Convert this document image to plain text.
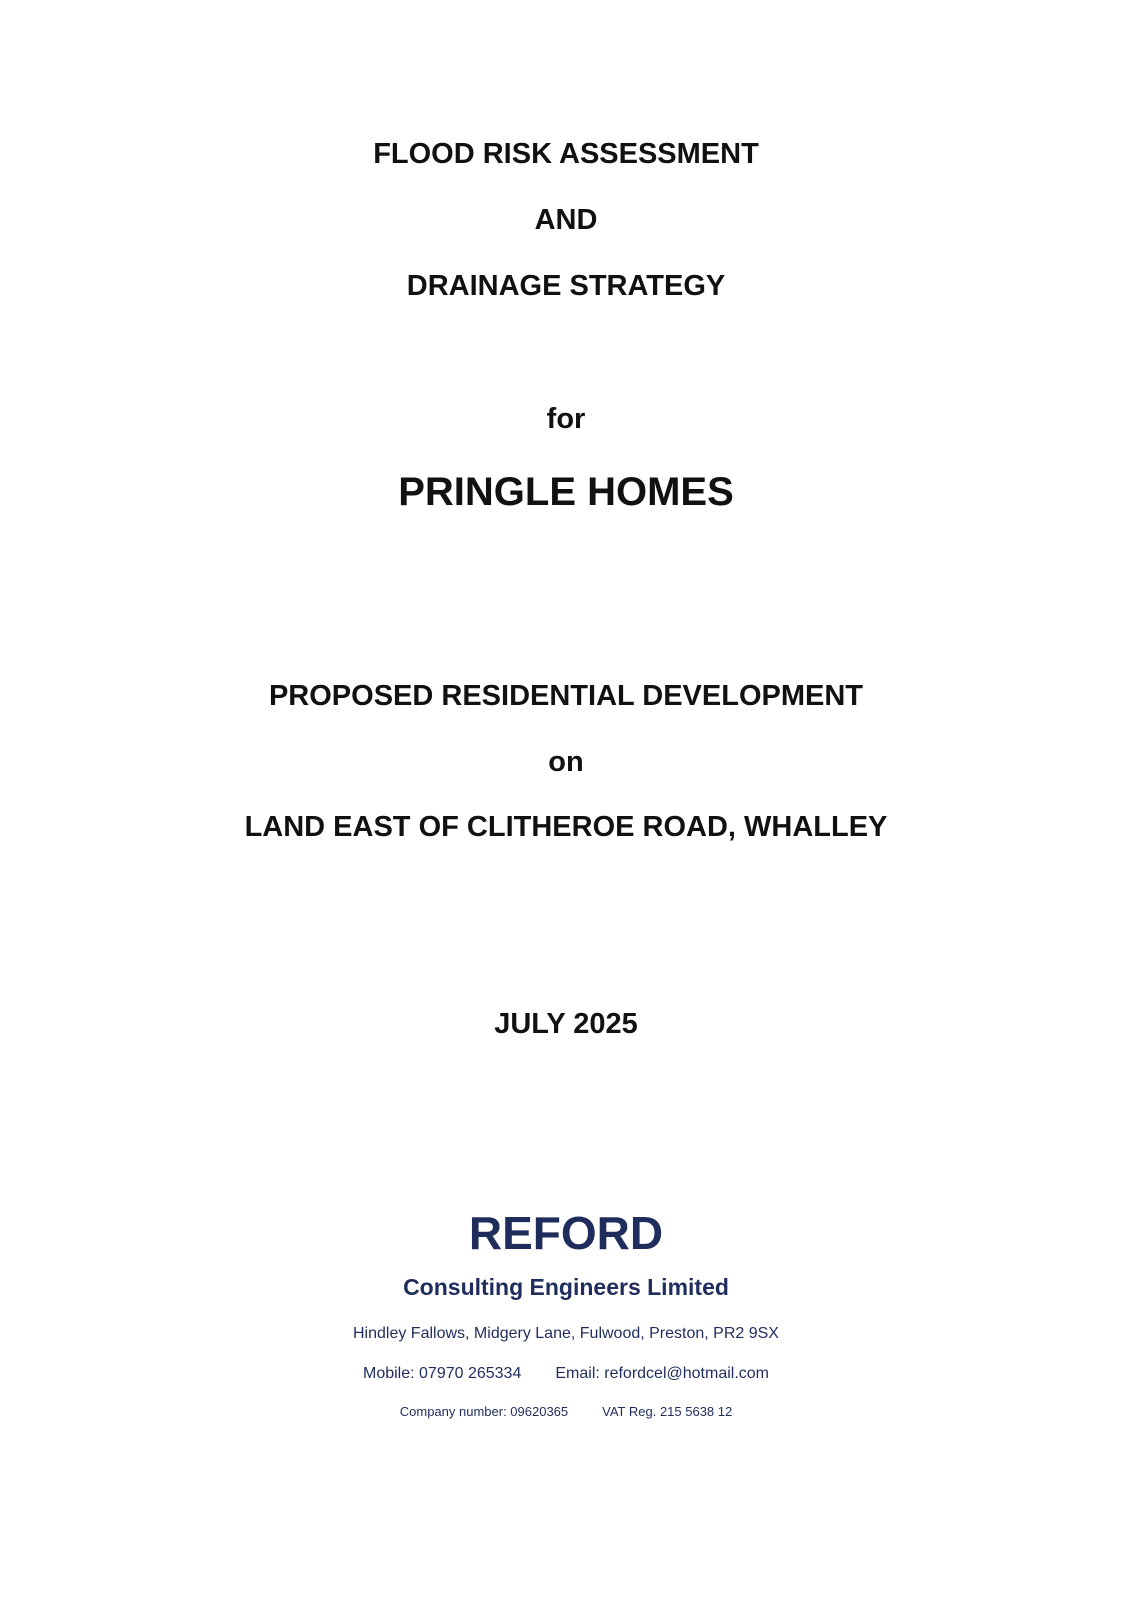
FLOOD RISK ASSESSMENT
AND
DRAINAGE STRATEGY
for
PRINGLE HOMES
PROPOSED RESIDENTIAL DEVELOPMENT
on
LAND EAST OF CLITHEROE ROAD, WHALLEY
JULY 2025
REFORD
Consulting Engineers Limited
Hindley Fallows, Midgery Lane, Fulwood, Preston, PR2 9SX
Mobile: 07970 265334 Email: refordcel@hotmail.com
Company number: 09620365	VAT Reg. 215 5638 12
